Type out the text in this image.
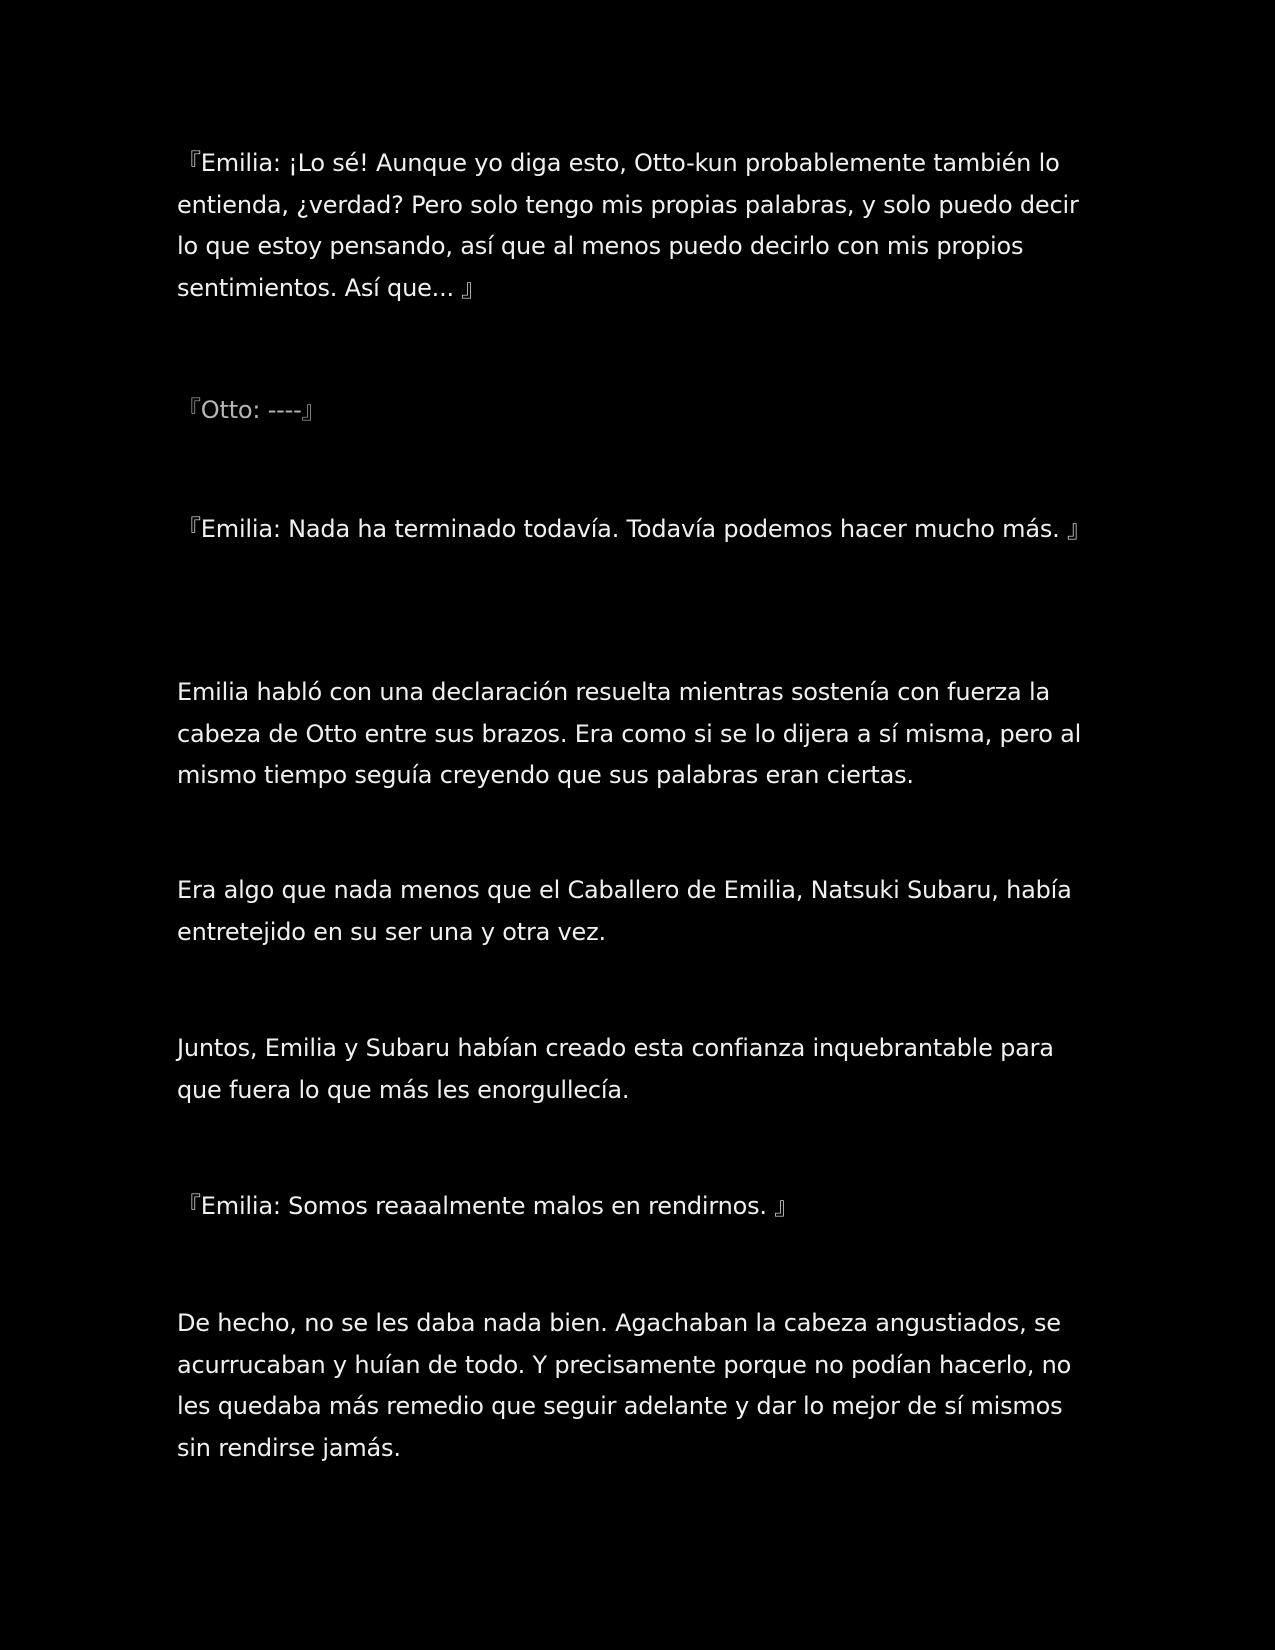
『Emilia: ¡Lo sé! Aunque yo diga esto, Otto-kun probablemente también lo entienda, ¿verdad? Pero solo tengo mis propias palabras, y solo puedo decir lo que estoy pensando, así que al menos puedo decirlo con mis propios sentimientos. Así que... 』

『Otto: ----』

『Emilia: Nada ha terminado todavía. Todavía podemos hacer mucho más. 』

Emilia habló con una declaración resuelta mientras sostenía con fuerza la cabeza de Otto entre sus brazos. Era como si se lo dijera a sí misma, pero al mismo tiempo seguía creyendo que sus palabras eran ciertas.

Era algo que nada menos que el Caballero de Emilia, Natsuki Subaru, había entretejido en su ser una y otra vez.

Juntos, Emilia y Subaru habían creado esta confianza inquebrantable para que fuera lo que más les enorgullecía.

『Emilia: Somos reaaalmente malos en rendirnos. 』

De hecho, no se les daba nada bien. Agachaban la cabeza angustiados, se acurrucaban y huían de todo. Y precisamente porque no podían hacerlo, no les quedaba más remedio que seguir adelante y dar lo mejor de sí mismos sin rendirse jamás.
